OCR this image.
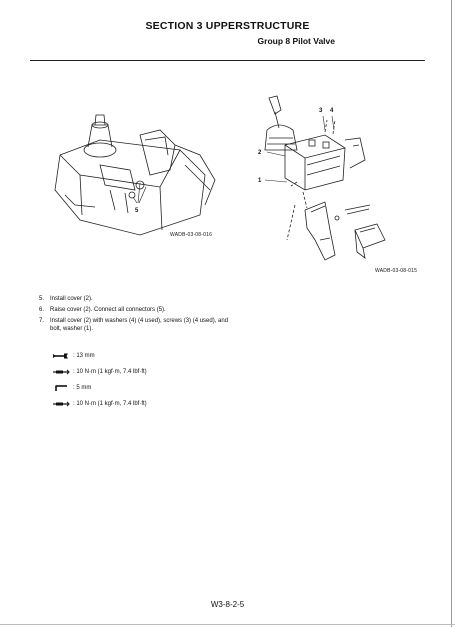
SECTION 3 UPPERSTRUCTURE
Group 8 Pilot Valve
5
WADB-03-08-016
3 4
2
1
WADB-03-08-015
5. Install cover (2).
6. Raise cover (2). Connect all connectors (5).
7. Install cover (2) with washers (4) (4 used), screws (3) (4 used), and bolt, washer (1).
: 13 mm
: 10 N·m (1 kgf·m, 7.4 lbf·ft)
: 5 mm
: 10 N·m (1 kgf·m, 7.4 lbf·ft)
W3-8-2-5
